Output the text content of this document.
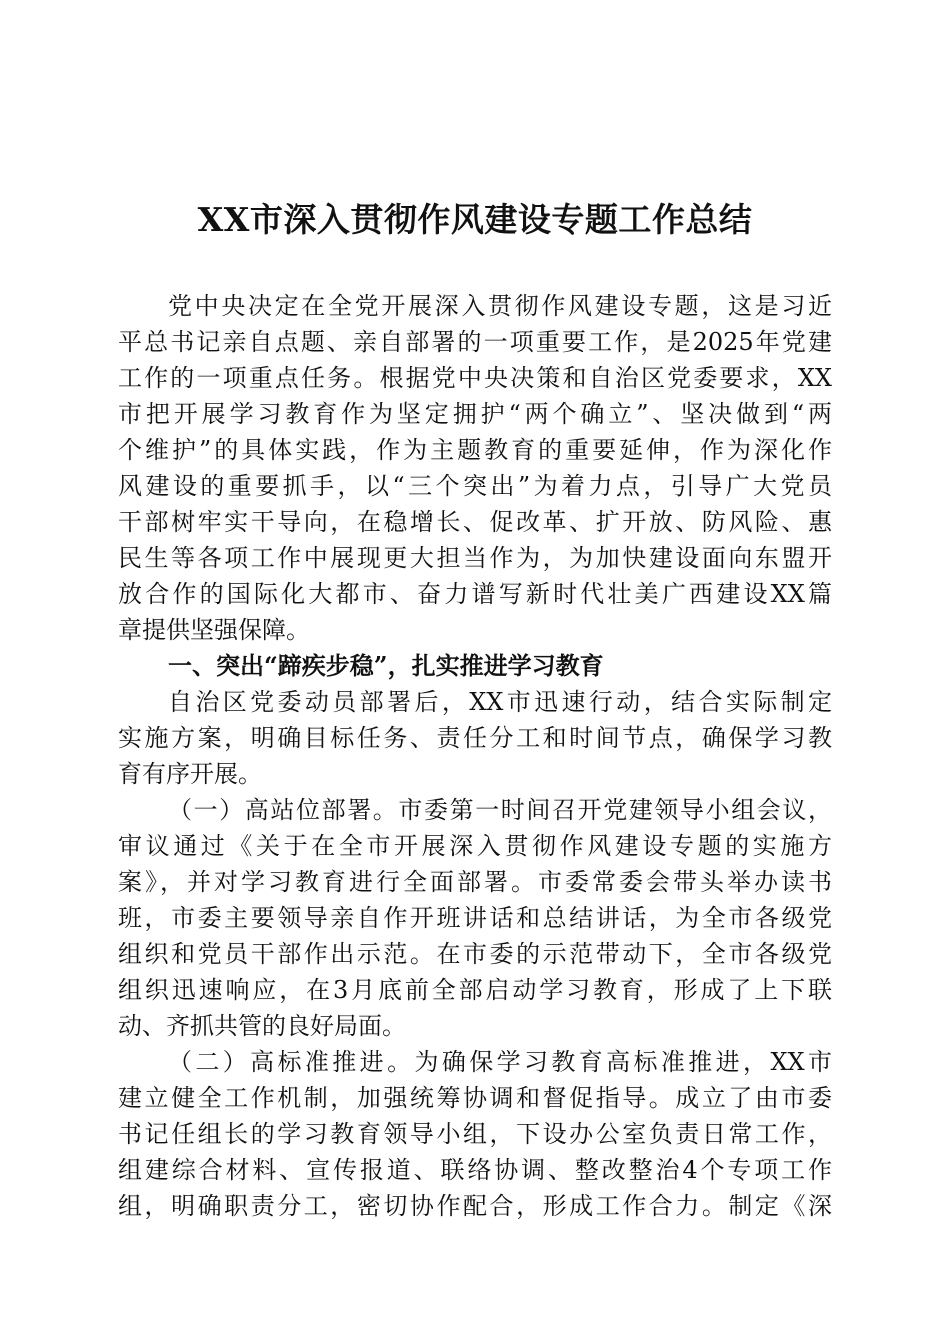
XX市深入贯彻作风建设专题工作总结
党中央决定在全党开展深入贯彻作风建设专题，这是习近
平总书记亲自点题、亲自部署的一项重要工作，是2025年党建
工作的一项重点任务。根据党中央决策和自治区党委要求，XX
市把开展学习教育作为坚定拥护“两个确立”、坚决做到“两
个维护”的具体实践，作为主题教育的重要延伸，作为深化作
风建设的重要抓手，以“三个突出”为着力点，引导广大党员
干部树牢实干导向，在稳增长、促改革、扩开放、防风险、惠
民生等各项工作中展现更大担当作为，为加快建设面向东盟开
放合作的国际化大都市、奋力谱写新时代壮美广西建设XX篇
章提供坚强保障。
一、突出“蹄疾步稳”，扎实推进学习教育
自治区党委动员部署后，XX市迅速行动，结合实际制定
实施方案，明确目标任务、责任分工和时间节点，确保学习教
育有序开展。
（一）高站位部署。市委第一时间召开党建领导小组会议，
审议通过《关于在全市开展深入贯彻作风建设专题的实施方
案》，并对学习教育进行全面部署。市委常委会带头举办读书
班，市委主要领导亲自作开班讲话和总结讲话，为全市各级党
组织和党员干部作出示范。在市委的示范带动下，全市各级党
组织迅速响应，在3月底前全部启动学习教育，形成了上下联
动、齐抓共管的良好局面。
（二）高标准推进。为确保学习教育高标准推进，XX市
建立健全工作机制，加强统筹协调和督促指导。成立了由市委
书记任组长的学习教育领导小组，下设办公室负责日常工作，
组建综合材料、宣传报道、联络协调、整改整治4个专项工作
组，明确职责分工，密切协作配合，形成工作合力。制定《深
